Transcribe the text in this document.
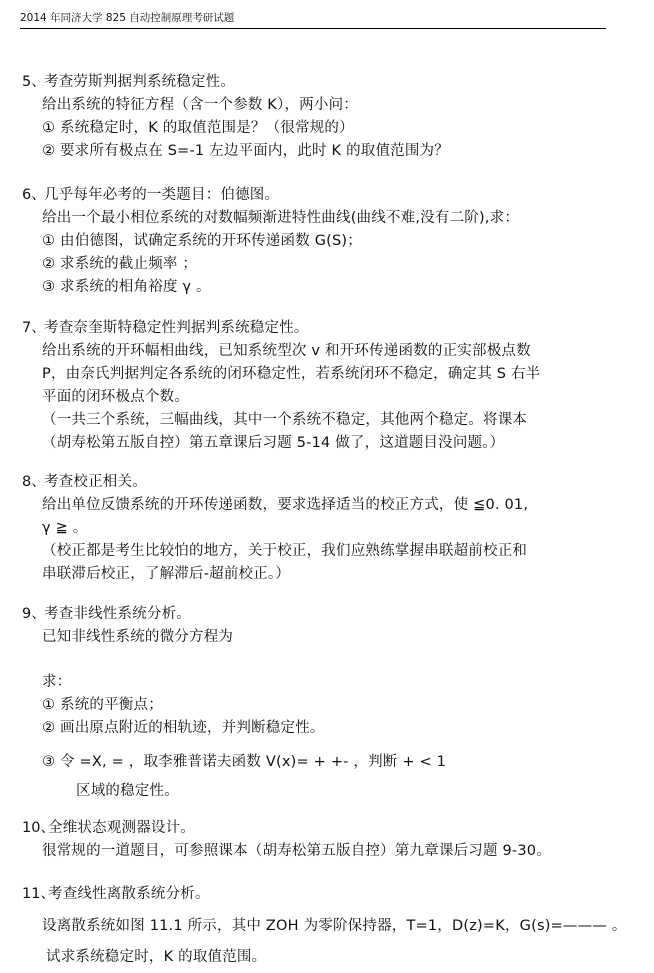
2014 年同济大学 825 自动控制原理考研试题
5、
考查劳斯判据判系统稳定性。
给出系统的特征方程（含一个参数 K），两小问：
① 系统稳定时，K 的取值范围是？（很常规的）
② 要求所有极点在 S=-1 左边平面内，此时 K 的取值范围为？
6、
几乎每年必考的一类题目：伯德图。
给出一个最小相位系统的对数幅频渐进特性曲线(曲线不难,没有二阶),求：
① 由伯德图，试确定系统的开环传递函数 G(S)；
② 求系统的截止频率 ；
③ 求系统的相角裕度 γ 。
7、
考查奈奎斯特稳定性判据判系统稳定性。
给出系统的开环幅相曲线，已知系统型次 v 和开环传递函数的正实部极点数
P，由奈氏判据判定各系统的闭环稳定性，若系统闭环不稳定，确定其 S 右半
平面的闭环极点个数。
（一共三个系统，三幅曲线，其中一个系统不稳定，其他两个稳定。将课本
（胡寿松第五版自控）第五章课后习题 5-14 做了，这道题目没问题。）
8、
考查校正相关。
给出单位反馈系统的开环传递函数，要求选择适当的校正方式，使 ≦0. 01,
γ ≧ 。
（校正都是考生比较怕的地方，关于校正，我们应熟练掌握串联超前校正和
串联滞后校正，了解滞后-超前校正。）
9、
考查非线性系统分析。
已知非线性系统的微分方程为
求：
① 系统的平衡点；
② 画出原点附近的相轨迹，并判断稳定性。
③ 令 =X, = ，取李雅普诺夫函数 V(x)= + +- ，判断 + < 1
区域的稳定性。
10、
全维状态观测器设计。
很常规的一道题目，可参照课本（胡寿松第五版自控）第九章课后习题 9-30。
11、
考查线性离散系统分析。
设离散系统如图 11.1 所示，其中 ZOH 为零阶保持器，T=1，D(z)=K，G(s)=——— 。
试求系统稳定时，K 的取值范围。
